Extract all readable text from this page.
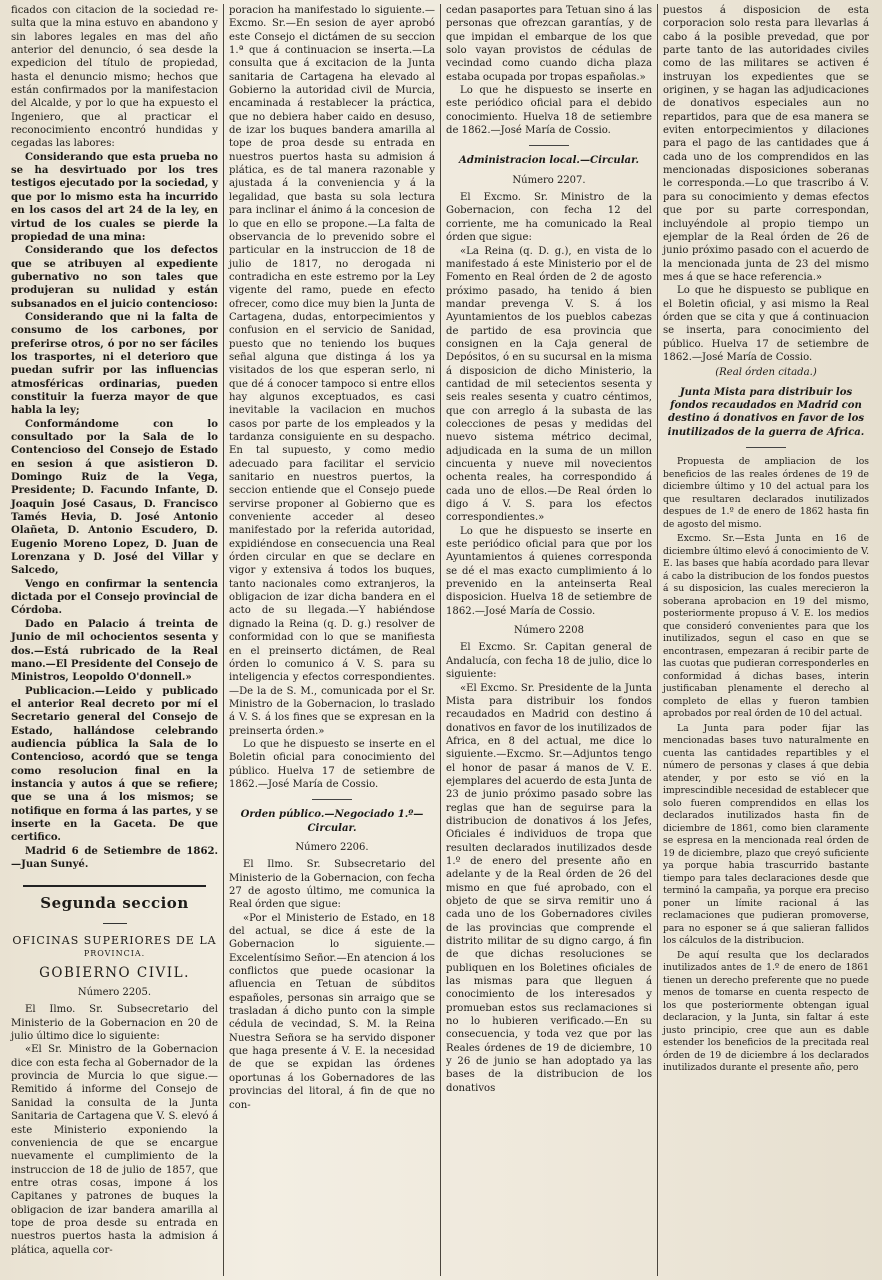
ficados con citacion de la sociedad re-sulta que la mina estuvo en abandono y sin labores legales en mas del año anterior del denuncio, ó sea desde la expedicion del título de propiedad, hasta el denuncio mismo; hechos que están confirmados por la manifestacion del Alcalde, y por lo que ha expuesto el Ingeniero, que al practicar el reconocimiento encontró hundidas y cegadas las labores:

Considerando que esta prueba no se ha desvirtuado por los tres testigos ejecutado por la sociedad, y que por lo mismo esta ha incurrido en los casos del art 24 de la ley, en virtud de los cuales se pierde la propiedad de una mina:

Considerando que los defectos que se atribuyen al expediente gubernativo no son tales que produjeran su nulidad y están subsanados en el juicio contencioso:

Considerando que ni la falta de consumo de los carbones, por preferirse otros, ó por no ser fáciles los trasportes, ni el deterioro que puedan sufrir por las influencias atmosféricas ordinarias, pueden constituir la fuerza mayor de que habla la ley;

Conformándome con lo consultado por la Sala de lo Contencioso del Consejo de Estado en sesion á que asistieron D. Domingo Ruiz de la Vega, Presidente; D. Facundo Infante, D. Joaquin José Casaus, D. Francisco Tamés Hevia, D. José Antonio Olañeta, D. Antonio Escudero, D. Eugenio Moreno Lopez, D. Juan de Lorenzana y D. José del Villar y Salcedo,

Vengo en confirmar la sentencia dictada por el Consejo provincial de Córdoba.

Dado en Palacio á treinta de Junio de mil ochocientos sesenta y dos.—Está rubricado de la Real mano.—El Presidente del Consejo de Ministros, Leopoldo O'donnell.»

Publicacion.—Leido y publicado el anterior Real decreto por mí el Secretario general del Consejo de Estado, hallándose celebrando audiencia pública la Sala de lo Contencioso, acordó que se tenga como resolucion final en la instancia y autos á que se refiere; que se una á los mismos; se notifique en forma á las partes, y se inserte en la Gaceta. De que certifico.

Madrid 6 de Setiembre de 1862. —Juan Sunyé.

Segunda seccion
OFICINAS SUPERIORES DE LA
PROVINCIA.
GOBIERNO CIVIL.
Número 2205.

El Ilmo. Sr. Subsecretario del Ministerio de la Gobernacion en 20 de julio último dice lo siguiente:

«El Sr. Ministro de la Gobernacion dice con esta fecha al Gobernador de la provincia de Murcia lo que sigue.—Remitido á informe del Consejo de Sanidad la consulta de la Junta Sanitaria de Cartagena que V. S. elevó á este Ministerio exponiendo la conveniencia de que se encargue nuevamente el cumplimiento de la instruccion de 18 de julio de 1857, que entre otras cosas, impone á los Capitanes y patrones de buques la obligacion de izar bandera amarilla al tope de proa desde su entrada en nuestros puertos hasta la admision á plática, aquella cor-

poracion ha manifestado lo siguiente.—Excmo. Sr.—En sesion de ayer aprobó este Consejo el dictámen de su seccion 1.ª que á continuacion se inserta.—La consulta que á excitacion de la Junta sanitaria de Cartagena ha elevado al Gobierno la autoridad civil de Murcia, encaminada á restablecer la práctica, que no debiera haber caido en desuso, de izar los buques bandera amarilla al tope de proa desde su entrada en nuestros puertos hasta su admision á plática, es de tal manera razonable y ajustada á la conveniencia y á la legalidad, que basta su sola lectura para inclinar el ánimo á la concesion de lo que en ello se propone.—La falta de observancia de lo prevenido sobre el particular en la instruccion de 18 de julio de 1817, no derogada ni contradicha en este estremo por la Ley vigente del ramo, puede en efecto ofrecer, como dice muy bien la Junta de Cartagena, dudas, entorpecimientos y confusion en el servicio de Sanidad, puesto que no teniendo los buques señal alguna que distinga á los ya visitados de los que esperan serlo, ni que dé á conocer tampoco si entre ellos hay algunos exceptuados, es casi inevitable la vacilacion en muchos casos por parte de los empleados y la tardanza consiguiente en su despacho. En tal supuesto, y como medio adecuado para facilitar el servicio sanitario en nuestros puertos, la seccion entiende que el Consejo puede servirse proponer al Gobierno que es conveniente acceder al deseo manifestado por la referida autoridad, expidiéndose en consecuencia una Real órden circular en que se declare en vigor y extensiva á todos los buques, tanto nacionales como extranjeros, la obligacion de izar dicha bandera en el acto de su llegada.—Y habiéndose dignado la Reina (q. D. g.) resolver de conformidad con lo que se manifiesta en el preinserto dictámen, de Real órden lo comunico á V. S. para su inteligencia y efectos correspondientes.—De la de S. M., comunicada por el Sr. Ministro de la Gobernacion, lo traslado á V. S. á los fines que se expresan en la preinserta órden.»

Lo que he dispuesto se inserte en el Boletin oficial para conocimiento del público. Huelva 17 de setiembre de 1862.—José María de Cossio.

Orden público.—Negociado 1.º— Circular.
Número 2206.

El Ilmo. Sr. Subsecretario del Ministerio de la Gobernacion, con fecha 27 de agosto último, me comunica la Real órden que sigue:

«Por el Ministerio de Estado, en 18 del actual, se dice á este de la Gobernacion lo siguiente.—Excelentísimo Señor.—En atencion á los conflictos que puede ocasionar la afluencia en Tetuan de súbditos españoles, personas sin arraigo que se trasladan á dicho punto con la simple cédula de vecindad, S. M. la Reina Nuestra Señora se ha servido disponer que haga presente á V. E. la necesidad de que se expidan las órdenes oportunas á los Gobernadores de las provincias del litoral, á fin de que no con-

cedan pasaportes para Tetuan sino á las personas que ofrezcan garantías, y de que impidan el embarque de los que solo vayan provistos de cédulas de vecindad como cuando dicha plaza estaba ocupada por tropas españolas.»

Lo que he dispuesto se inserte en este periódico oficial para el debido conocimiento. Huelva 18 de setiembre de 1862.—José María de Cossio.

Administracion local.—Circular.
Número 2207.

El Excmo. Sr. Ministro de la Gobernacion, con fecha 12 del corriente, me ha comunicado la Real órden que sigue:

«La Reina (q. D. g.), en vista de lo manifestado á este Ministerio por el de Fomento en Real órden de 2 de agosto próximo pasado, ha tenido á bien mandar prevenga V. S. á los Ayuntamientos de los pueblos cabezas de partido de esa provincia que consignen en la Caja general de Depósitos, ó en su sucursal en la misma á disposicion de dicho Ministerio, la cantidad de mil setecientos sesenta y seis reales sesenta y cuatro céntimos, que con arreglo á la subasta de las colecciones de pesas y medidas del nuevo sistema métrico decimal, adjudicada en la suma de un millon cincuenta y nueve mil novecientos ochenta reales, ha correspondido á cada uno de ellos.—De Real órden lo digo á V. S. para los efectos correspondientes.»

Lo que he dispuesto se inserte en este periódico oficial para que por los Ayuntamientos á quienes corresponda se dé el mas exacto cumplimiento á lo prevenido en la anteinserta Real disposicion. Huelva 18 de setiembre de 1862.—José María de Cossio.

Número 2208

El Excmo. Sr. Capitan general de Andalucía, con fecha 18 de julio, dice lo siguiente:

«El Excmo. Sr. Presidente de la Junta Mista para distribuir los fondos recaudados en Madrid con destino á donativos en favor de los inutilizados de Africa, en 8 del actual, me dice lo siguiente.—Excmo. Sr.—Adjuntos tengo el honor de pasar á manos de V. E. ejemplares del acuerdo de esta Junta de 23 de junio próximo pasado sobre las reglas que han de seguirse para la distribucion de donativos á los Jefes, Oficiales é individuos de tropa que resulten declarados inutilizados desde 1.º de enero del presente año en adelante y de la Real órden de 26 del mismo en que fué aprobado, con el objeto de que se sirva remitir uno á cada uno de los Gobernadores civiles de las provincias que comprende el distrito militar de su digno cargo, á fin de que dichas resoluciones se publiquen en los Boletines oficiales de las mismas para que lleguen á conocimiento de los interesados y promueban estos sus reclamaciones si no lo hubieren verificado.—En su consecuencia, y toda vez que por las Reales órdenes de 19 de diciembre, 10 y 26 de junio se han adoptado ya las bases de la distribucion de los donativos

puestos á disposicion de esta corporacion solo resta para llevarlas á cabo á la posible prevedad, que por parte tanto de las autoridades civiles como de las militares se activen é instruyan los expedientes que se originen, y se hagan las adjudicaciones de donativos especiales aun no repartidos, para que de esa manera se eviten entorpecimientos y dilaciones para el pago de las cantidades que á cada uno de los comprendidos en las mencionadas disposiciones soberanas le corresponda.—Lo que trascribo á V. para su conocimiento y demas efectos que por su parte correspondan, incluyéndole al propio tiempo un ejemplar de la Real órden de 26 de junio próximo pasado con el acuerdo de la mencionada junta de 23 del mismo mes á que se hace referencia.»

Lo que he dispuesto se publique en el Boletin oficial, y asi mismo la Real órden que se cita y que á continuacion se inserta, para conocimiento del público. Huelva 17 de setiembre de 1862.—José María de Cossio.

(Real órden citada.)

Junta Mista para distribuir los fondos recaudados en Madrid con destino á donativos en favor de los inutilizados de la guerra de Africa.

Propuesta de ampliacion de los beneficios de las reales órdenes de 19 de diciembre último y 10 del actual para los que resultaren declarados inutilizados despues de 1.º de enero de 1862 hasta fin de agosto del mismo.

Excmo. Sr.—Esta Junta en 16 de diciembre último elevó á conocimiento de V. E. las bases que había acordado para llevar á cabo la distribucion de los fondos puestos á su disposicion, las cuales merecieron la soberana aprobacion en 19 del mismo, posteriormente propuso á V. E. los medios que consideró convenientes para que los inutilizados, segun el caso en que se encontrasen, empezaran á recibir parte de las cuotas que pudieran corresponderles en conformidad á dichas bases, interin justificaban plenamente el derecho al completo de ellas y fueron tambien aprobados por real órden de 10 del actual.

La Junta para poder fijar las mencionadas bases tuvo naturalmente en cuenta las cantidades repartibles y el número de personas y clases á que debia atender, y por esto se vió en la imprescindible necesidad de establecer que solo fueren comprendidos en ellas los declarados inutilizados hasta fin de diciembre de 1861, como bien claramente se espresa en la mencionada real órden de 19 de diciembre, plazo que creyó suficiente ya porque habia trascurrido bastante tiempo para tales declaraciones desde que terminó la campaña, ya porque era preciso poner un límite racional á las reclamaciones que pudieran promoverse, para no esponer se á que salieran fallidos los cálculos de la distribucion.

De aquí resulta que los declarados inutilizados antes de 1.º de enero de 1861 tienen un derecho preferente que no puede menos de tomarse en cuenta respecto de los que posteriormente obtengan igual declaracion, y la Junta, sin faltar á este justo principio, cree que aun es dable estender los beneficios de la precitada real órden de 19 de diciembre á los declarados inutilizados durante el presente año, pero
